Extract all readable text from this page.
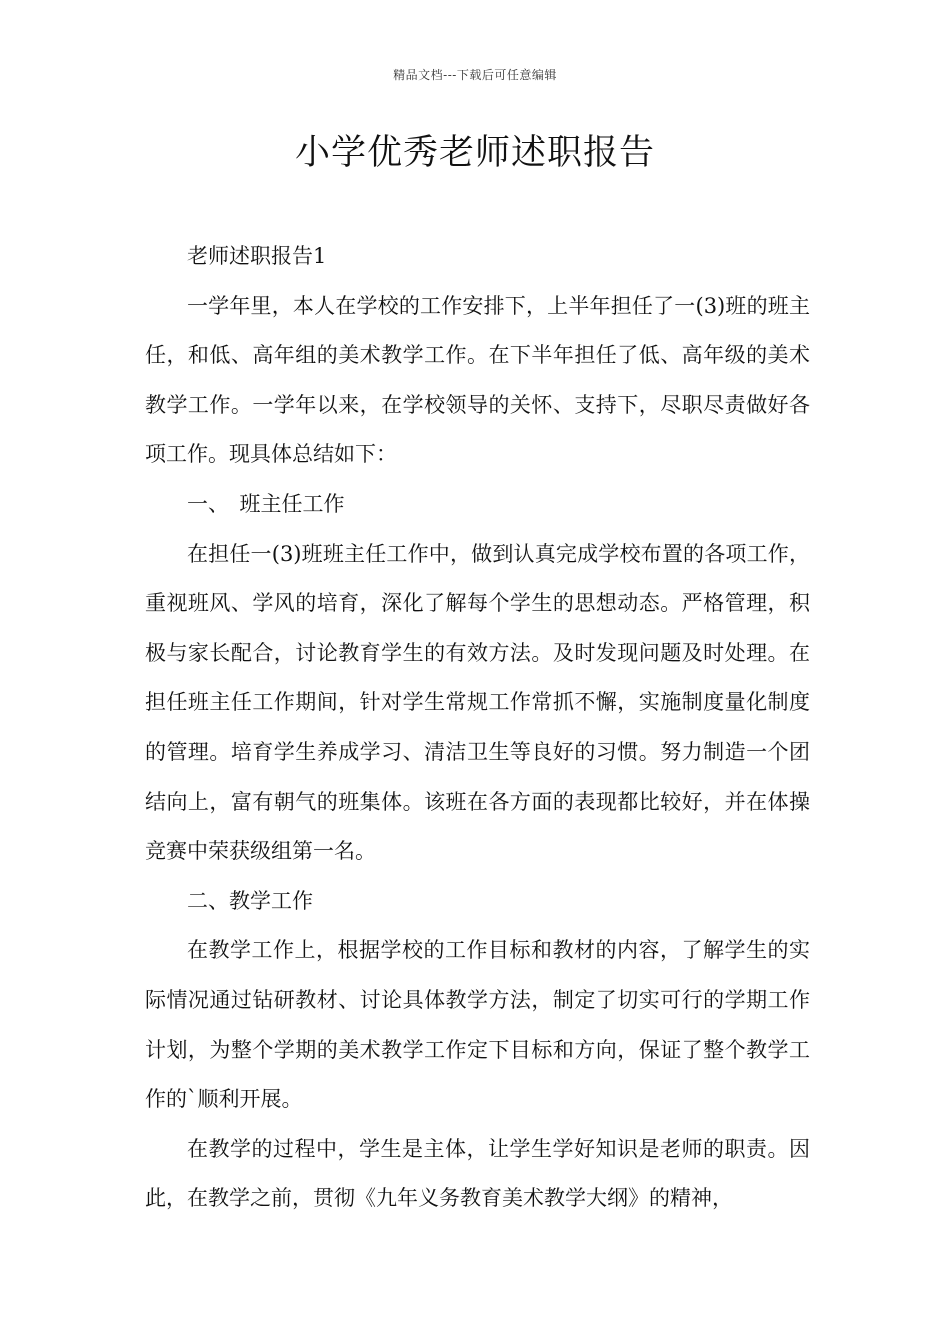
精品文档---下载后可任意编辑
小学优秀老师述职报告

老师述职报告1

一学年里，本人在学校的工作安排下，上半年担任了一(3)班的班主任，和低、高年组的美术教学工作。在下半年担任了低、高年级的美术教学工作。一学年以来，在学校领导的关怀、支持下，尽职尽责做好各项工作。现具体总结如下：

一、　班主任工作

在担任一(3)班班主任工作中，做到认真完成学校布置的各项工作，重视班风、学风的培育，深化了解每个学生的思想动态。严格管理，积极与家长配合，讨论教育学生的有效方法。及时发现问题及时处理。在担任班主任工作期间，针对学生常规工作常抓不懈，实施制度量化制度的管理。培育学生养成学习、清洁卫生等良好的习惯。努力制造一个团结向上，富有朝气的班集体。该班在各方面的表现都比较好，并在体操竞赛中荣获级组第一名。

二、教学工作

在教学工作上，根据学校的工作目标和教材的内容，了解学生的实际情况通过钻研教材、讨论具体教学方法，制定了切实可行的学期工作计划，为整个学期的美术教学工作定下目标和方向，保证了整个教学工作的`顺利开展。

在教学的过程中，学生是主体，让学生学好知识是老师的职责。因此，在教学之前，贯彻《九年义务教育美术教学大纲》的精神，
